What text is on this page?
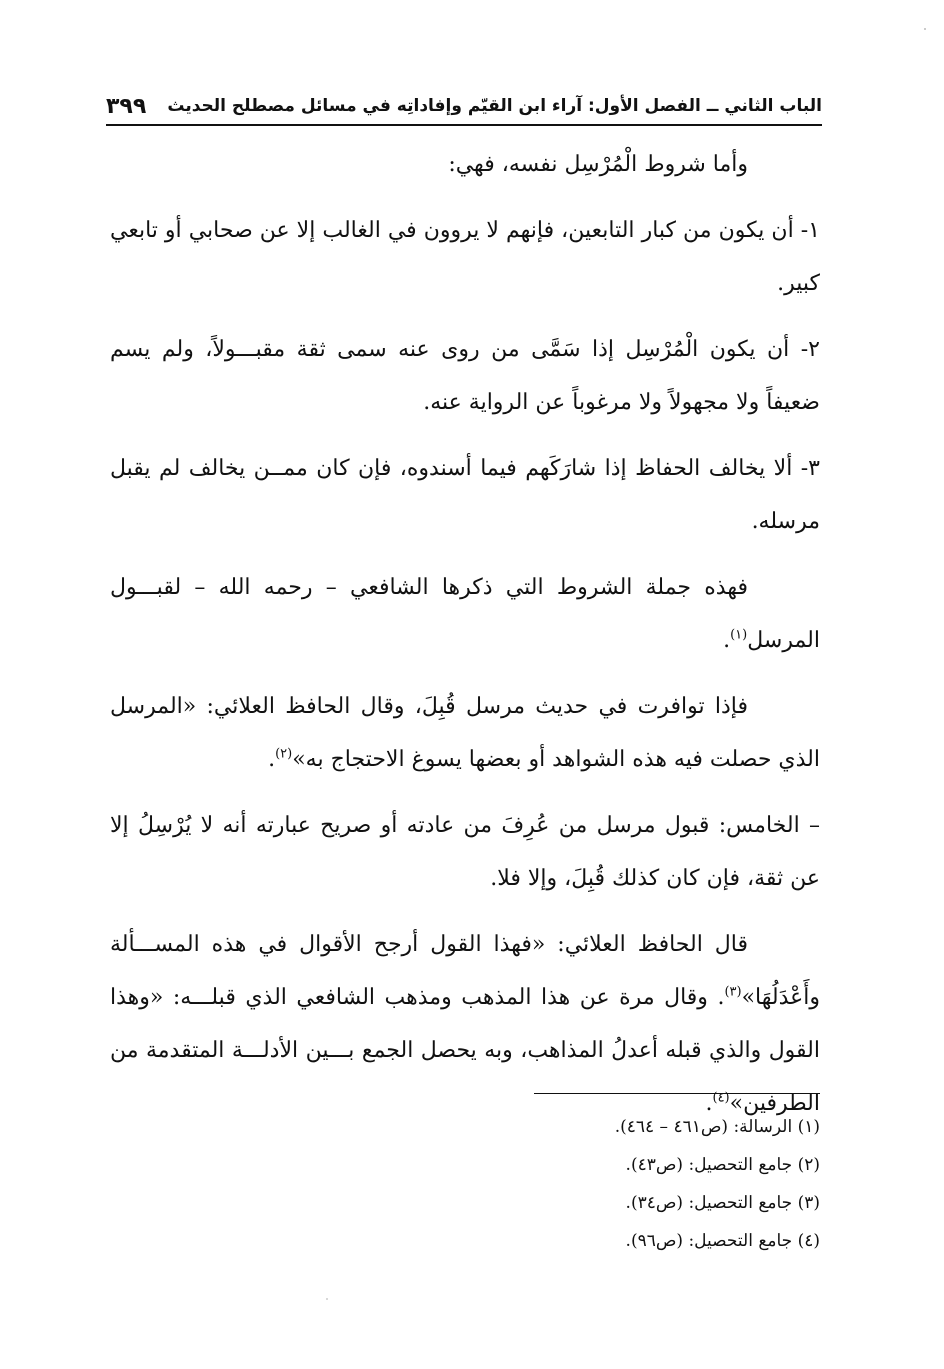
الباب الثاني ــ الفصل الأول: آراء ابن القيّم وإفاداتِه في مسائل مصطلح الحديث
٣٩٩

وأما شروط الْمُرْسِل نفسه، فهي:

١- أن يكون من كبار التابعين، فإنهم لا يروون في الغالب إلا عن صحابي أو تابعي كبير.

٢- أن يكون الْمُرْسِل إذا سَمَّى من روى عنه سمى ثقة مقبـــولاً، ولم يسم ضعيفاً ولا مجهولاً ولا مرغوباً عن الرواية عنه.

٣- ألا يخالف الحفاظ إذا شارَكَهم فيما أسندوه، فإن كان ممــن يخالف لم يقبل مرسله.

فهذه جملة الشروط التي ذكرها الشافعي – رحمه الله – لقبـــول المرسل$^{(١)}$.

فإذا توافرت في حديث مرسل قُبِلَ، وقال الحافظ العلائي: «المرسل الذي حصلت فيه هذه الشواهد أو بعضها يسوغ الاحتجاج به»$^{(٢)}$.

– الخامس: قبول مرسل من عُرِفَ من عادته أو صريح عبارته أنه لا يُرْسِلُ إلا عن ثقة، فإن كان كذلك قُبِلَ، وإلا فلا.

قال الحافظ العلائي: «فهذا القول أرجح الأقوال في هذه المســـألة وأَعْدَلُهَا»$^{(٣)}$. وقال مرة عن هذا المذهب ومذهب الشافعي الذي قبلـــه: «وهذا القول والذي قبله أعدلُ المذاهب، وبه يحصل الجمع بـــين الأدلـــة المتقدمة من الطرفين»$^{(٤)}$.

(١) الرسالة: (ص٤٦١ – ٤٦٤).
(٢) جامع التحصيل: (ص٤٣).
(٣) جامع التحصيل: (ص٣٤).
(٤) جامع التحصيل: (ص٩٦).
